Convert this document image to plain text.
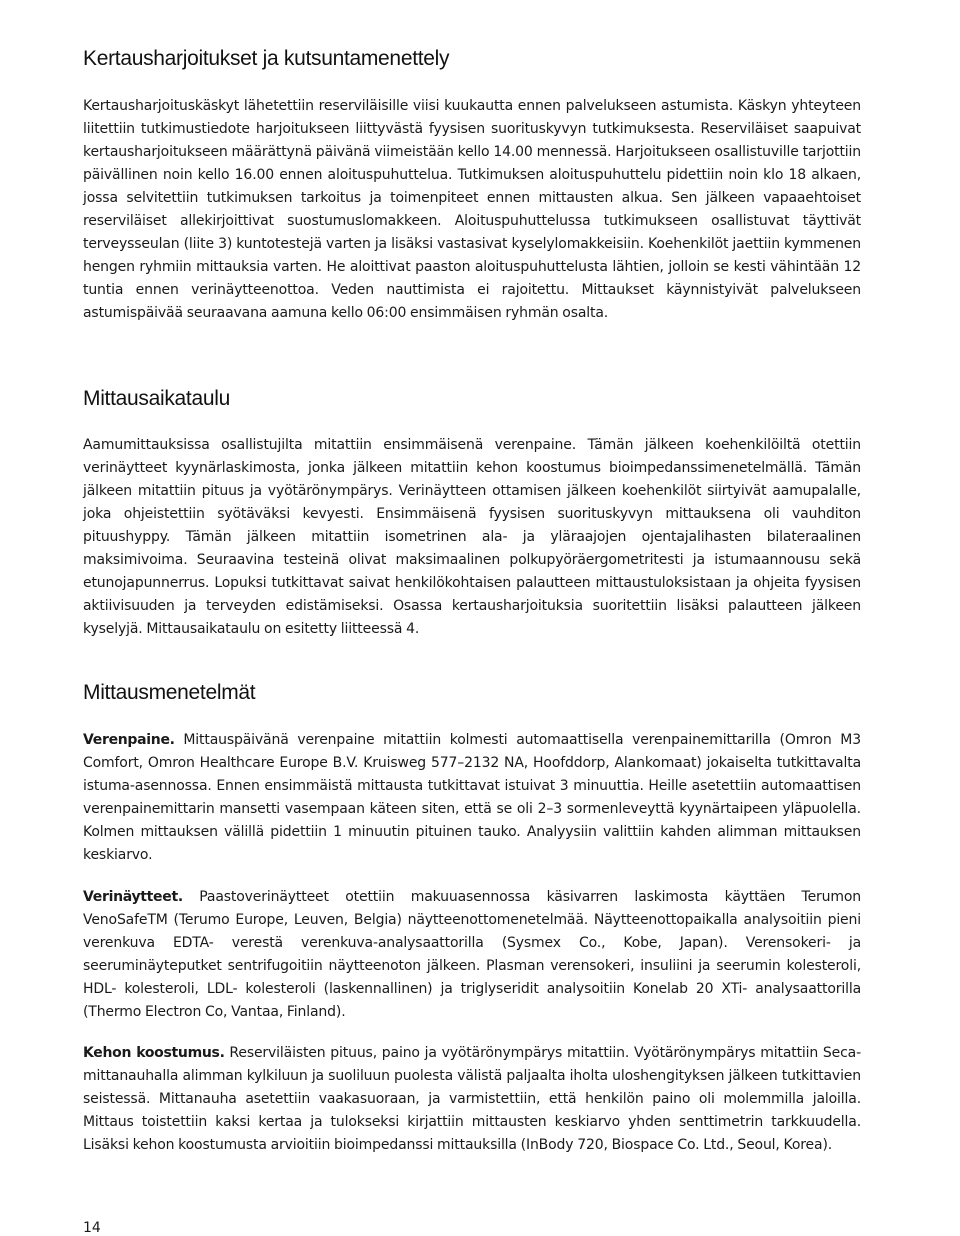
Kertausharjoitukset ja kutsuntamenettely

Kertausharjoituskäskyt lähetettiin reserviläisille viisi kuukautta ennen palvelukseen astumista. Käskyn yhteyteen liitettiin tutkimustiedote harjoitukseen liittyvästä fyysisen suorituskyvyn tutkimuksesta. Reserviläiset saapuivat kertausharjoitukseen määrättynä päivänä viimeistään kello 14.00 mennessä. Harjoitukseen osallistuville tarjottiin päivällinen noin kello 16.00 ennen aloituspuhuttelua. Tutkimuksen aloituspuhuttelu pidettiin noin klo 18 alkaen, jossa selvitettiin tutkimuksen tarkoitus ja toimenpiteet ennen mittausten alkua. Sen jälkeen vapaaehtoiset reserviläiset allekirjoittivat suostumuslomakkeen. Aloituspuhuttelussa tutkimukseen osallistuvat täyttivät terveysseulan (liite 3) kuntotestejä varten ja lisäksi vastasivat kyselylomakkeisiin. Koehenkilöt jaettiin kymmenen hengen ryhmiin mittauksia varten. He aloittivat paaston aloituspuhuttelusta lähtien, jolloin se kesti vähintään 12 tuntia ennen verinäytteenottoa. Veden nauttimista ei rajoitettu. Mittaukset käynnistyivät palvelukseen astumispäivää seuraavana aamuna kello 06:00 ensimmäisen ryhmän osalta.

Mittausaikataulu

Aamumittauksissa osallistujilta mitattiin ensimmäisenä verenpaine. Tämän jälkeen koehenkilöiltä otettiin verinäytteet kyynärlaskimosta, jonka jälkeen mitattiin kehon koostumus bioimpedanssimenetelmällä. Tämän jälkeen mitattiin pituus ja vyötärönympärys. Verinäytteen ottamisen jälkeen koehenkilöt siirtyivät aamupalalle, joka ohjeistettiin syötäväksi kevyesti. Ensimmäisenä fyysisen suorituskyvyn mittauksena oli vauhditon pituushyppy. Tämän jälkeen mitattiin isometrinen ala- ja yläraajojen ojentajalihasten bilateraalinen maksimivoima. Seuraavina testeinä olivat maksimaalinen polkupyöräergometritesti ja istumaannousu sekä etunojapunnerrus. Lopuksi tutkittavat saivat henkilökohtaisen palautteen mittaustuloksistaan ja ohjeita fyysisen aktiivisuuden ja terveyden edistämiseksi. Osassa kertausharjoituksia suoritettiin lisäksi palautteen jälkeen kyselyjä. Mittausaikataulu on esitetty liitteessä 4.

Mittausmenetelmät

Verenpaine. Mittauspäivänä verenpaine mitattiin kolmesti automaattisella verenpainemittarilla (Omron M3 Comfort, Omron Healthcare Europe B.V. Kruisweg 577–2132 NA, Hoofddorp, Alankomaat) jokaiselta tutkittavalta istuma-asennossa. Ennen ensimmäistä mittausta tutkittavat istuivat 3 minuuttia. Heille asetettiin automaattisen verenpainemittarin mansetti vasempaan käteen siten, että se oli 2–3 sormenleveyttä kyynärtaipeen yläpuolella. Kolmen mittauksen välillä pidettiin 1 minuutin pituinen tauko. Analyysiin valittiin kahden alimman mittauksen keskiarvo.

Verinäytteet. Paastoverinäytteet otettiin makuuasennossa käsivarren laskimosta käyttäen Terumon VenoSafeTM (Terumo Europe, Leuven, Belgia) näytteenottomenetelmää. Näytteenottopaikalla analysoitiin pieni verenkuva EDTA- verestä verenkuva-analysaattorilla (Sysmex Co., Kobe, Japan). Verensokeri- ja seeruminäyteputket sentrifugoitiin näytteenoton jälkeen. Plasman verensokeri, insuliini ja seerumin kolesteroli, HDL- kolesteroli, LDL- kolesteroli (laskennallinen) ja triglyseridit analysoitiin Konelab 20 XTi- analysaattorilla (Thermo Electron Co, Vantaa, Finland).

Kehon koostumus. Reserviläisten pituus, paino ja vyötärönympärys mitattiin. Vyötärönympärys mitattiin Seca-mittanauhalla alimman kylkiluun ja suoliluun puolesta välistä paljaalta iholta uloshengityksen jälkeen tutkittavien seistessä. Mittanauha asetettiin vaakasuoraan, ja varmistettiin, että henkilön paino oli molemmilla jaloilla. Mittaus toistettiin kaksi kertaa ja tulokseksi kirjattiin mittausten keskiarvo yhden senttimetrin tarkkuudella. Lisäksi kehon koostumusta arvioitiin bioimpedanssi mittauksilla (InBody 720, Biospace Co. Ltd., Seoul, Korea).

14
